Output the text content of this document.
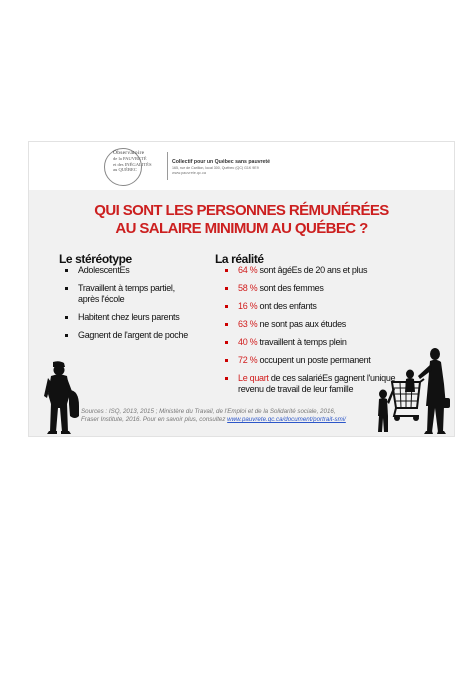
Observatoire
de la PAUVRETÉ
et des INÉGALITÉS
au QUÉBEC
Collectif pour un Québec sans pauvreté
165, rue de Carillon, local 300, Québec (QC) G1K 9E9
www.pauvrete.qc.ca
QUI SONT LES PERSONNES RÉMUNÉRÉES
AU SALAIRE MINIMUM AU QUÉBEC ?
Le stéréotype
AdolescentEs
Travaillent à temps partiel,
après l'école
Habitent chez leurs parents
Gagnent de l'argent de poche
La réalité
64 % sont âgéEs de 20 ans et plus
58 % sont des femmes
16 % ont des enfants
63 % ne sont pas aux études
40 % travaillent à temps plein
72 % occupent un poste permanent
Le quart de ces salariéEs gagnent l'unique
revenu de travail de leur famille
Sources : ISQ, 2013, 2015 ; Ministère du Travail, de l'Emploi et de la Solidarité sociale, 2016,
Fraser Institute, 2016. Pour en savoir plus, consultez www.pauvrete.qc.ca/document/portrait-smi/
